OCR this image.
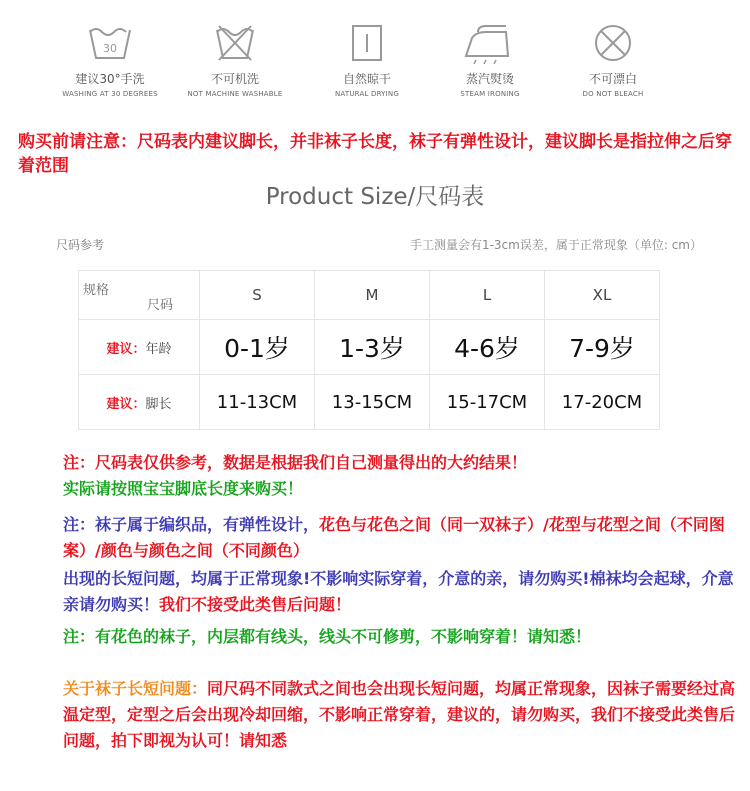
30
建议30°手洗
WASHING AT 30 DEGREES
不可机洗
NOT MACHINE WASHABLE
自然晾干
NATURAL DRYING
蒸汽熨烫
STEAM IRONING
不可漂白
DO NOT BLEACH
购买前请注意：尺码表内建议脚长，并非袜子长度，袜子有弹性设计，建议脚长是指拉伸之后穿着范围
Product Size/尺码表
尺码参考	手工测量会有1-3cm误差，属于正常现象（单位: cm）
规格
尺码	S	M	L	XL
建议：年龄	0-1岁	1-3岁	4-6岁	7-9岁
建议：脚长	11-13CM	13-15CM	15-17CM	17-20CM
注：尺码表仅供参考，数据是根据我们自己测量得出的大约结果！
实际请按照宝宝脚底长度来购买！
注：袜子属于编织品，有弹性设计，花色与花色之间（同一双袜子）/花型与花型之间（不同图案）/颜色与颜色之间（不同颜色）
出现的长短问题，均属于正常现象!不影响实际穿着，介意的亲，请勿购买!棉袜均会起球，介意亲请勿购买！我们不接受此类售后问题！
注：有花色的袜子，内层都有线头，线头不可修剪，不影响穿着！请知悉！
关于袜子长短问题：同尺码不同款式之间也会出现长短问题，均属正常现象，因袜子需要经过高温定型，定型之后会出现冷却回缩，不影响正常穿着，建议的，请勿购买，我们不接受此类售后问题，拍下即视为认可！请知悉
